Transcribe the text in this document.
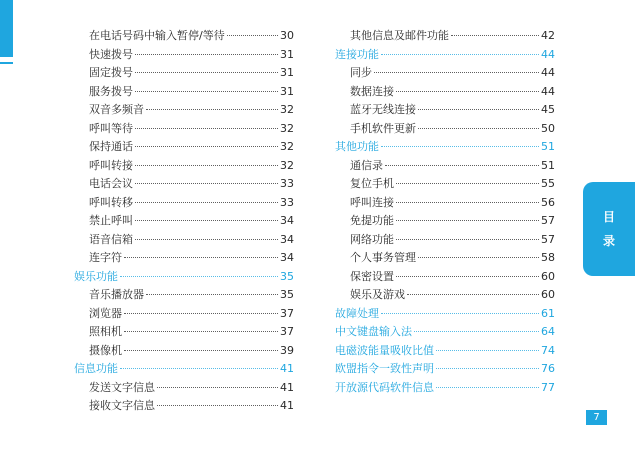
在电话号码中输入暂停/等待	30
快速拨号	31
固定拨号	31
服务拨号	31
双音多频音	32
呼叫等待	32
保持通话	32
呼叫转接	32
电话会议	33
呼叫转移	33
禁止呼叫	34
语音信箱	34
连字符	34
娱乐功能	35
音乐播放器	35
浏览器	37
照相机	37
摄像机	39
信息功能	41
发送文字信息	41
接收文字信息	41
其他信息及邮件功能	42
连接功能	44
同步	44
数据连接	44
蓝牙无线连接	45
手机软件更新	50
其他功能	51
通信录	51
复位手机	55
呼叫连接	56
免提功能	57
网络功能	57
个人事务管理	58
保密设置	60
娱乐及游戏	60
故障处理	61
中文键盘输入法	64
电磁波能量吸收比值	74
欧盟指令一致性声明	76
开放源代码软件信息	77
目
录
7
